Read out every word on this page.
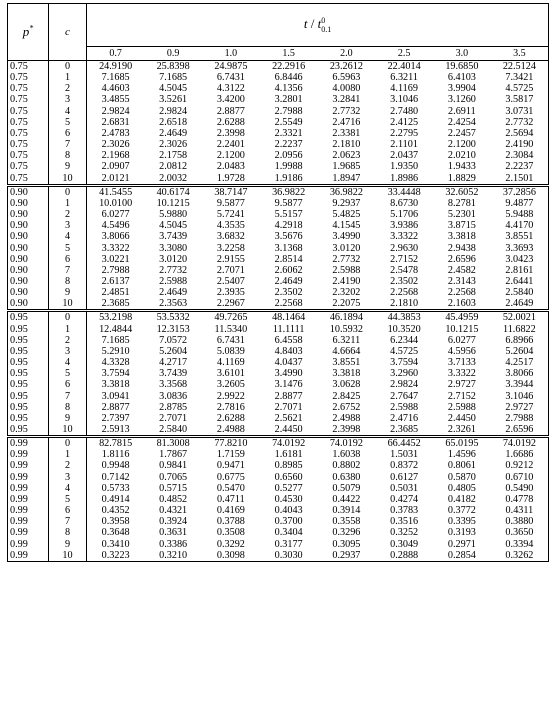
p*	c	t / t 0
0.1							

		0.7	0.9	1.0	1.5	2.0	2.5	3.0	3.5
0.75	0	24.9190	25.8398	24.9875	22.2916	23.2612	22.4014	19.6850	22.5124
0.75	1	7.1685	7.1685	6.7431	6.8446	6.5963	6.3211	6.4103	7.3421
0.75	2	4.4603	4.5045	4.3122	4.1356	4.0080	4.1169	3.9904	4.5725
0.75	3	3.4855	3.5261	3.4200	3.2801	3.2841	3.1046	3.1260	3.5817
0.75	4	2.9824	2.9824	2.8877	2.7988	2.7732	2.7480	2.6911	3.0731
0.75	5	2.6831	2.6518	2.6288	2.5549	2.4716	2.4125	2.4254	2.7732
0.75	6	2.4783	2.4649	2.3998	2.3321	2.3381	2.2795	2.2457	2.5694
0.75	7	2.3026	2.3026	2.2401	2.2237	2.1810	2.1101	2.1200	2.4190
0.75	8	2.1968	2.1758	2.1200	2.0956	2.0623	2.0437	2.0210	2.3084
0.75	9	2.0907	2.0812	2.0483	1.9988	1.9685	1.9350	1.9433	2.2237
0.75	10	2.0121	2.0032	1.9728	1.9186	1.8947	1.8986	1.8829	2.1501
0.90	0	41.5455	40.6174	38.7147	36.9822	36.9822	33.4448	32.6052	37.2856
0.90	1	10.0100	10.1215	9.5877	9.5877	9.2937	8.6730	8.2781	9.4877
0.90	2	6.0277	5.9880	5.7241	5.5157	5.4825	5.1706	5.2301	5.9488
0.90	3	4.5496	4.5045	4.3535	4.2918	4.1545	3.9386	3.8715	4.4170
0.90	4	3.8066	3.7439	3.6832	3.5676	3.4990	3.3322	3.3818	3.8551
0.90	5	3.3322	3.3080	3.2258	3.1368	3.0120	2.9630	2.9438	3.3693
0.90	6	3.0221	3.0120	2.9155	2.8514	2.7732	2.7152	2.6596	3.0423
0.90	7	2.7988	2.7732	2.7071	2.6062	2.5988	2.5478	2.4582	2.8161
0.90	8	2.6137	2.5988	2.5407	2.4649	2.4190	2.3502	2.3143	2.6441
0.90	9	2.4851	2.4649	2.3935	2.3502	2.3202	2.2568	2.2568	2.5840
0.90	10	2.3685	2.3563	2.2967	2.2568	2.2075	2.1810	2.1603	2.4649
0.95	0	53.2198	53.5332	49.7265	48.1464	46.1894	44.3853	45.4959	52.0021
0.95	1	12.4844	12.3153	11.5340	11.1111	10.5932	10.3520	10.1215	11.6822
0.95	2	7.1685	7.0572	6.7431	6.4558	6.3211	6.2344	6.0277	6.8966
0.95	3	5.2910	5.2604	5.0839	4.8403	4.6664	4.5725	4.5956	5.2604
0.95	4	4.3328	4.2717	4.1169	4.0437	3.8551	3.7594	3.7133	4.2517
0.95	5	3.7594	3.7439	3.6101	3.4990	3.3818	3.2960	3.3322	3.8066
0.95	6	3.3818	3.3568	3.2605	3.1476	3.0628	2.9824	2.9727	3.3944
0.95	7	3.0941	3.0836	2.9922	2.8877	2.8425	2.7647	2.7152	3.1046
0.95	8	2.8877	2.8785	2.7816	2.7071	2.6752	2.5988	2.5988	2.9727
0.95	9	2.7397	2.7071	2.6288	2.5621	2.4988	2.4716	2.4450	2.7988
0.95	10	2.5913	2.5840	2.4988	2.4450	2.3998	2.3685	2.3261	2.6596
0.99	0	82.7815	81.3008	77.8210	74.0192	74.0192	66.4452	65.0195	74.0192
0.99	1	1.8116	1.7867	1.7159	1.6181	1.6038	1.5031	1.4596	1.6686
0.99	2	0.9948	0.9841	0.9471	0.8985	0.8802	0.8372	0.8061	0.9212
0.99	3	0.7142	0.7065	0.6775	0.6560	0.6380	0.6127	0.5870	0.6710
0.99	4	0.5733	0.5715	0.5470	0.5277	0.5079	0.5031	0.4805	0.5490
0.99	5	0.4914	0.4852	0.4711	0.4530	0.4422	0.4274	0.4182	0.4778
0.99	6	0.4352	0.4321	0.4169	0.4043	0.3914	0.3783	0.3772	0.4311
0.99	7	0.3958	0.3924	0.3788	0.3700	0.3558	0.3516	0.3395	0.3880
0.99	8	0.3648	0.3631	0.3508	0.3404	0.3296	0.3252	0.3193	0.3650
0.99	9	0.3410	0.3386	0.3292	0.3177	0.3095	0.3049	0.2971	0.3394
0.99	10	0.3223	0.3210	0.3098	0.3030	0.2937	0.2888	0.2854	0.3262
